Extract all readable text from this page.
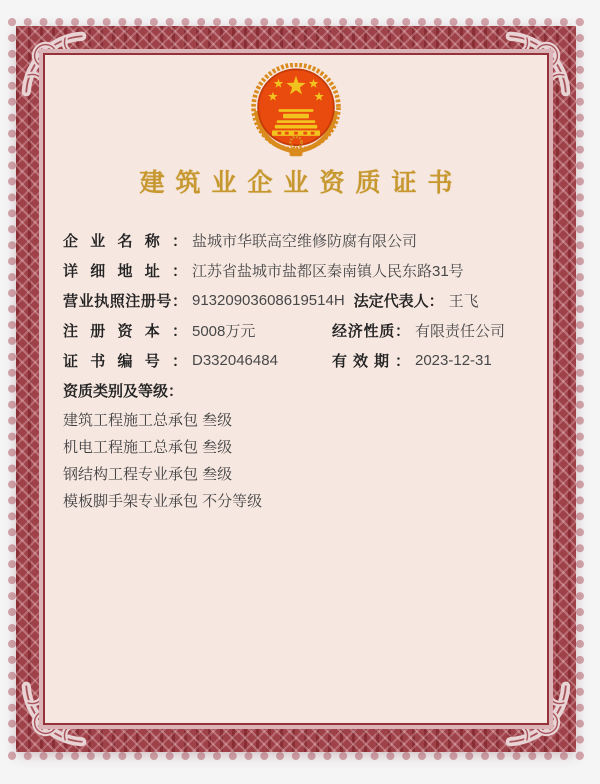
建筑业企业资质证书
企业名称： 盐城市华联高空维修防腐有限公司
详细地址： 江苏省盐城市盐都区秦南镇人民东路31号
营业执照注册号： 91320903608619514H 法定代表人： 王飞
注册资本： 5008万元	经济性质： 有限责任公司
证书编号： D332046484	有效期： 2023-12-31
资质类别及等级：
建筑工程施工总承包 叁级
机电工程施工总承包 叁级
钢结构工程专业承包 叁级
模板脚手架专业承包 不分等级
